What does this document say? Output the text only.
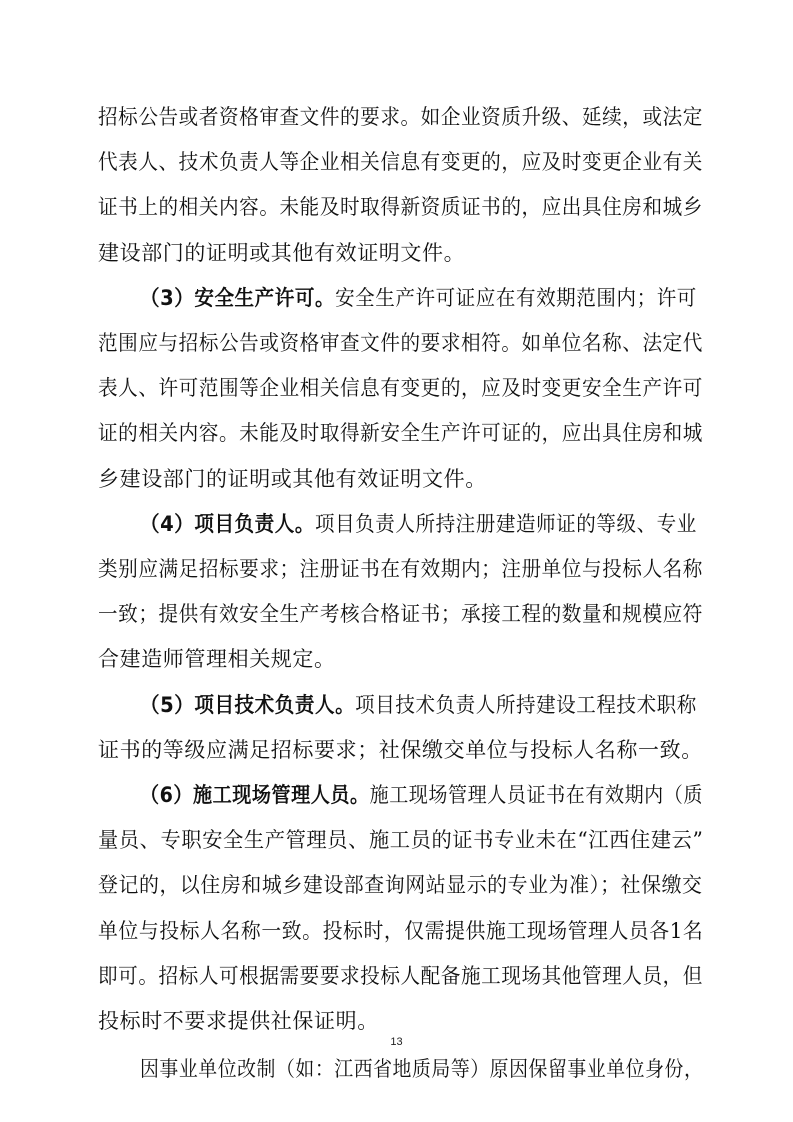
招标公告或者资格审查文件的要求。如企业资质升级、延续，或法定
代表人、技术负责人等企业相关信息有变更的，应及时变更企业有关
证书上的相关内容。未能及时取得新资质证书的，应出具住房和城乡
建设部门的证明或其他有效证明文件。
（3）安全生产许可。安全生产许可证应在有效期范围内；许可
范围应与招标公告或资格审查文件的要求相符。如单位名称、法定代
表人、许可范围等企业相关信息有变更的，应及时变更安全生产许可
证的相关内容。未能及时取得新安全生产许可证的，应出具住房和城
乡建设部门的证明或其他有效证明文件。
（4）项目负责人。项目负责人所持注册建造师证的等级、专业
类别应满足招标要求；注册证书在有效期内；注册单位与投标人名称
一致；提供有效安全生产考核合格证书；承接工程的数量和规模应符
合建造师管理相关规定。
（5）项目技术负责人。项目技术负责人所持建设工程技术职称
证书的等级应满足招标要求；社保缴交单位与投标人名称一致。
（6）施工现场管理人员。施工现场管理人员证书在有效期内（质
量员、专职安全生产管理员、施工员的证书专业未在“江西住建云”
登记的，以住房和城乡建设部查询网站显示的专业为准）；社保缴交
单位与投标人名称一致。投标时，仅需提供施工现场管理人员各1名
即可。招标人可根据需要要求投标人配备施工现场其他管理人员，但
投标时不要求提供社保证明。
因事业单位改制（如：江西省地质局等）原因保留事业单位身份，
13
